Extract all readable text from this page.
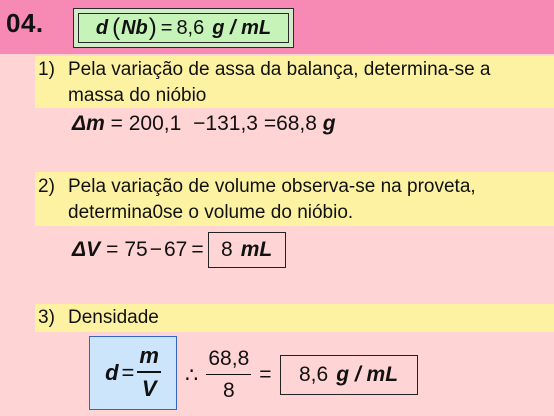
04.	d ( Nb ) = 8,6 g / mL
1) Pela variação de assa da balança, determina-se a
massa do nióbio
Δm = 200,1 −131,3 =68,8 g
2) Pela variação de volume observa-se na proveta,
determina0se o volume do nióbio.
ΔV = 75 − 67 = 8 mL
3) Densidade
$d = \frac{m}{V}$ ∴ $\frac{68,8}{8} = 8,6$ g / mL
